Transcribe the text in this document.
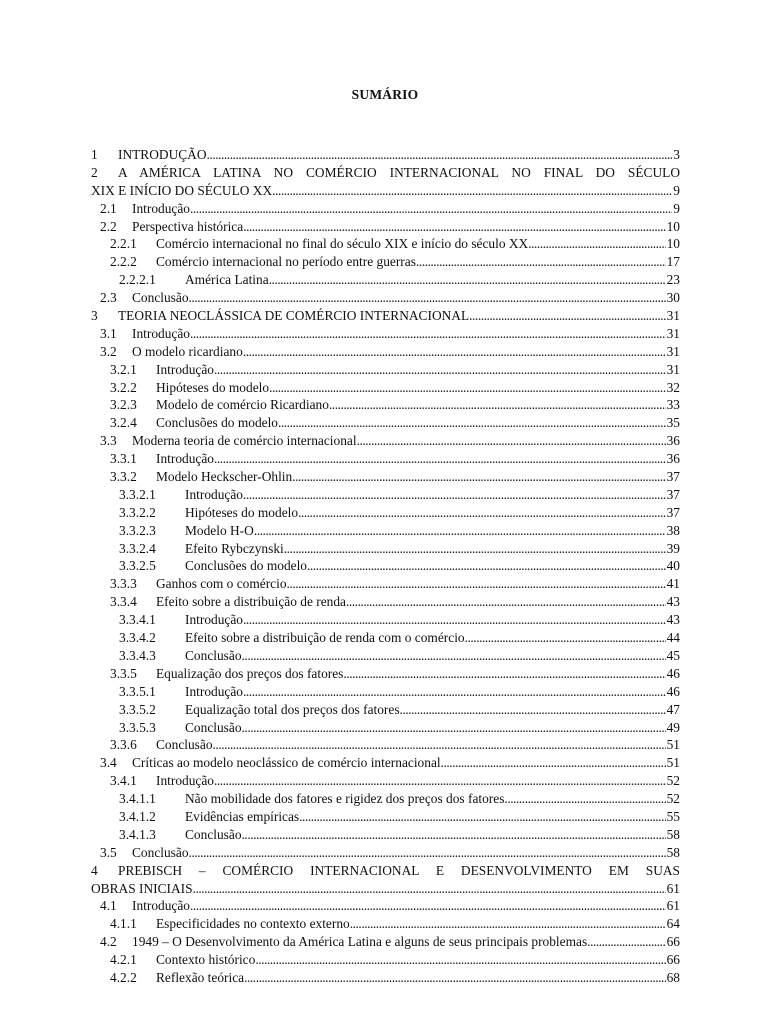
SUMÁRIO
1	INTRODUÇÃO . . .	3
2	A AMÉRICA LATINA NO COMÉRCIO INTERNACIONAL NO FINAL DO SÉCULO
XIX E INÍCIO DO SÉCULO XX . . .	9
2.1	Introdução . . .	9
2.2	Perspectiva histórica . . .	10
2.2.1	Comércio internacional no final do século XIX e início do século XX . . .	10
2.2.2	Comércio internacional no período entre guerras . . .	17
2.2.2.1	América Latina . . .	23
2.3	Conclusão . . .	30
3	TEORIA NEOCLÁSSICA DE COMÉRCIO INTERNACIONAL . . .	31
3.1	Introdução . . .	31
3.2	O modelo ricardiano . . .	31
3.2.1	Introdução . . .	31
3.2.2	Hipóteses do modelo . . .	32
3.2.3	Modelo de comércio Ricardiano . . .	33
3.2.4	Conclusões do modelo . . .	35
3.3	Moderna teoria de comércio internacional . . .	36
3.3.1	Introdução . . .	36
3.3.2	Modelo Heckscher-Ohlin . . .	37
3.3.2.1	Introdução . . .	37
3.3.2.2	Hipóteses do modelo . . .	37
3.3.2.3	Modelo H-O . . .	38
3.3.2.4	Efeito Rybczynski . . .	39
3.3.2.5	Conclusões do modelo . . .	40
3.3.3	Ganhos com o comércio . . .	41
3.3.4	Efeito sobre a distribuição de renda . . .	43
3.3.4.1	Introdução . . .	43
3.3.4.2	Efeito sobre a distribuição de renda com o comércio . . .	44
3.3.4.3	Conclusão . . .	45
3.3.5	Equalização dos preços dos fatores . . .	46
3.3.5.1	Introdução . . .	46
3.3.5.2	Equalização total dos preços dos fatores . . .	47
3.3.5.3	Conclusão . . .	49
3.3.6	Conclusão . . .	51
3.4	Críticas ao modelo neoclássico de comércio internacional . . .	51
3.4.1	Introdução . . .	52
3.4.1.1	Não mobilidade dos fatores e rigidez dos preços dos fatores . . .	52
3.4.1.2	Evidências empíricas . . .	55
3.4.1.3	Conclusão . . .	58
3.5	Conclusão . . .	58
4	PREBISCH – COMÉRCIO INTERNACIONAL E DESENVOLVIMENTO EM SUAS
OBRAS INICIAIS . . .	61
4.1	Introdução . . .	61
4.1.1	Especificidades no contexto externo . . .	64
4.2	1949 – O Desenvolvimento da América Latina e alguns de seus principais problemas . . .	66
4.2.1	Contexto histórico . . .	66
4.2.2	Reflexão teórica . . .	68
